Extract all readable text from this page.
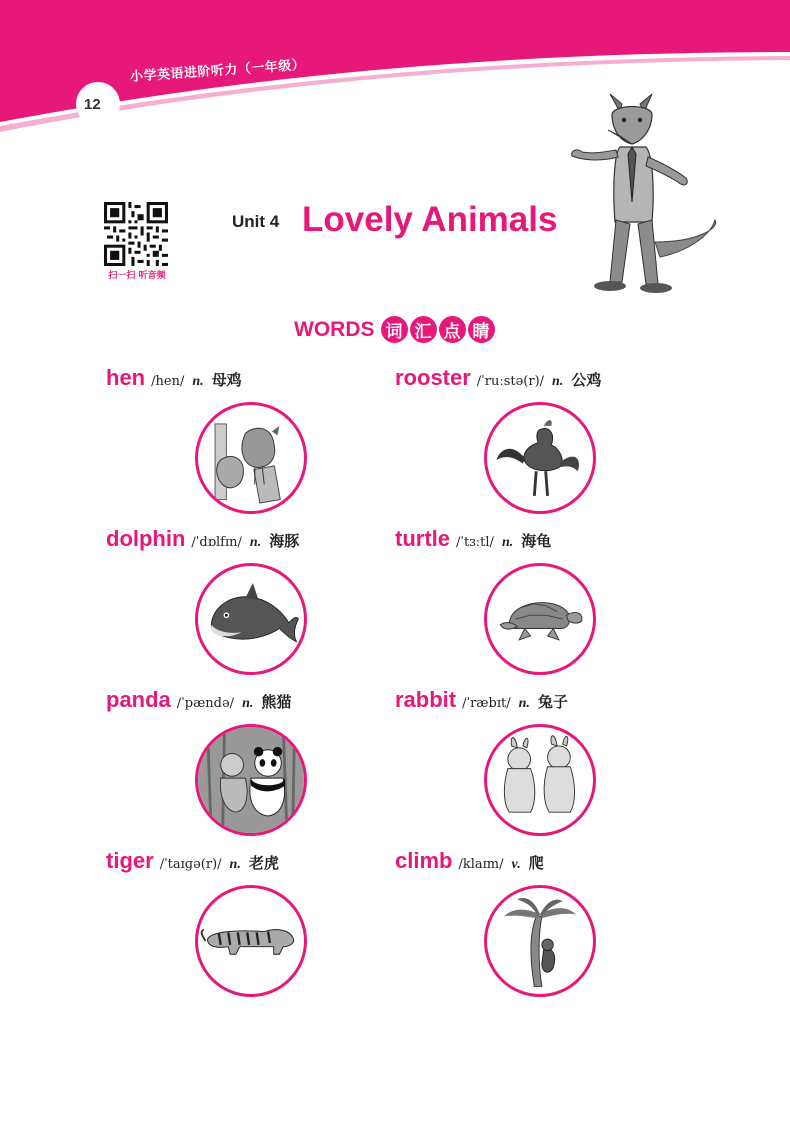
小学英语进阶听力（一年级）
12
扫一扫 听音频
Unit 4 Lovely Animals
WORDS 词 汇 点 睛
hen /hen/ n. 母鸡	rooster /ˈruːstə(r)/ n. 公鸡
dolphin /ˈdɒlfɪn/ n. 海豚	turtle /ˈtɜːtl/ n. 海龟
panda /ˈpændə/ n. 熊猫	rabbit /ˈræbɪt/ n. 兔子
tiger /ˈtaɪɡə(r)/ n. 老虎	climb /klaɪm/ v. 爬
